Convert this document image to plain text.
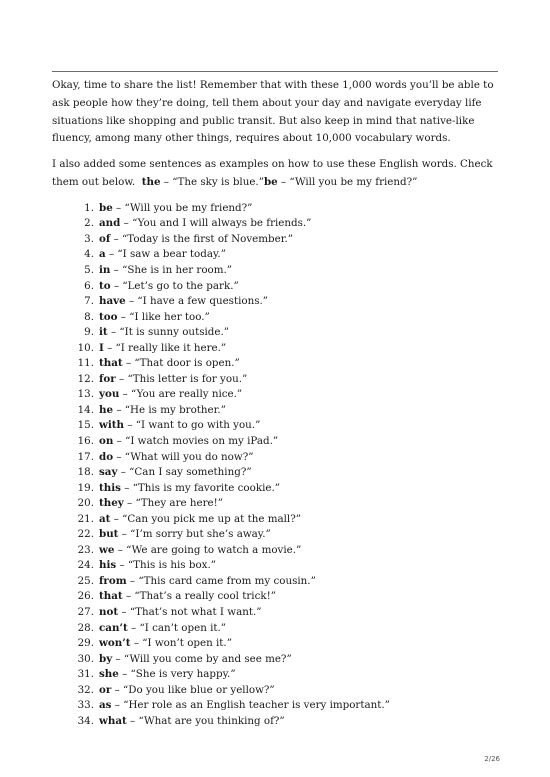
Okay, time to share the list! Remember that with these 1,000 words you’ll be able to ask people how they’re doing, tell them about your day and navigate everyday life situations like shopping and public transit. But also keep in mind that native-like fluency, among many other things, requires about 10,000 vocabulary words.

I also added some sentences as examples on how to use these English words. Check them out below. the – “The sky is blue.”be – “Will you be my friend?”

1. be – “Will you be my friend?”
2. and – “You and I will always be friends.”
3. of – “Today is the first of November.”
4. a – “I saw a bear today.”
5. in – “She is in her room.”
6. to – “Let’s go to the park.”
7. have – “I have a few questions.”
8. too – “I like her too.”
9. it – “It is sunny outside.”
10. I – “I really like it here.”
11. that – “That door is open.”
12. for – “This letter is for you.”
13. you – “You are really nice.”
14. he – “He is my brother.”
15. with – “I want to go with you.”
16. on – “I watch movies on my iPad.”
17. do – “What will you do now?”
18. say – “Can I say something?”
19. this – “This is my favorite cookie.”
20. they – “They are here!”
21. at – “Can you pick me up at the mall?”
22. but – “I’m sorry but she’s away.”
23. we – “We are going to watch a movie.”
24. his – “This is his box.”
25. from – “This card came from my cousin.”
26. that – “That’s a really cool trick!”
27. not – “That’s not what I want.”
28. can’t – “I can’t open it.”
29. won’t – “I won’t open it.”
30. by – “Will you come by and see me?”
31. she – “She is very happy.”
32. or – “Do you like blue or yellow?”
33. as – “Her role as an English teacher is very important.”
34. what – “What are you thinking of?”
2/26
